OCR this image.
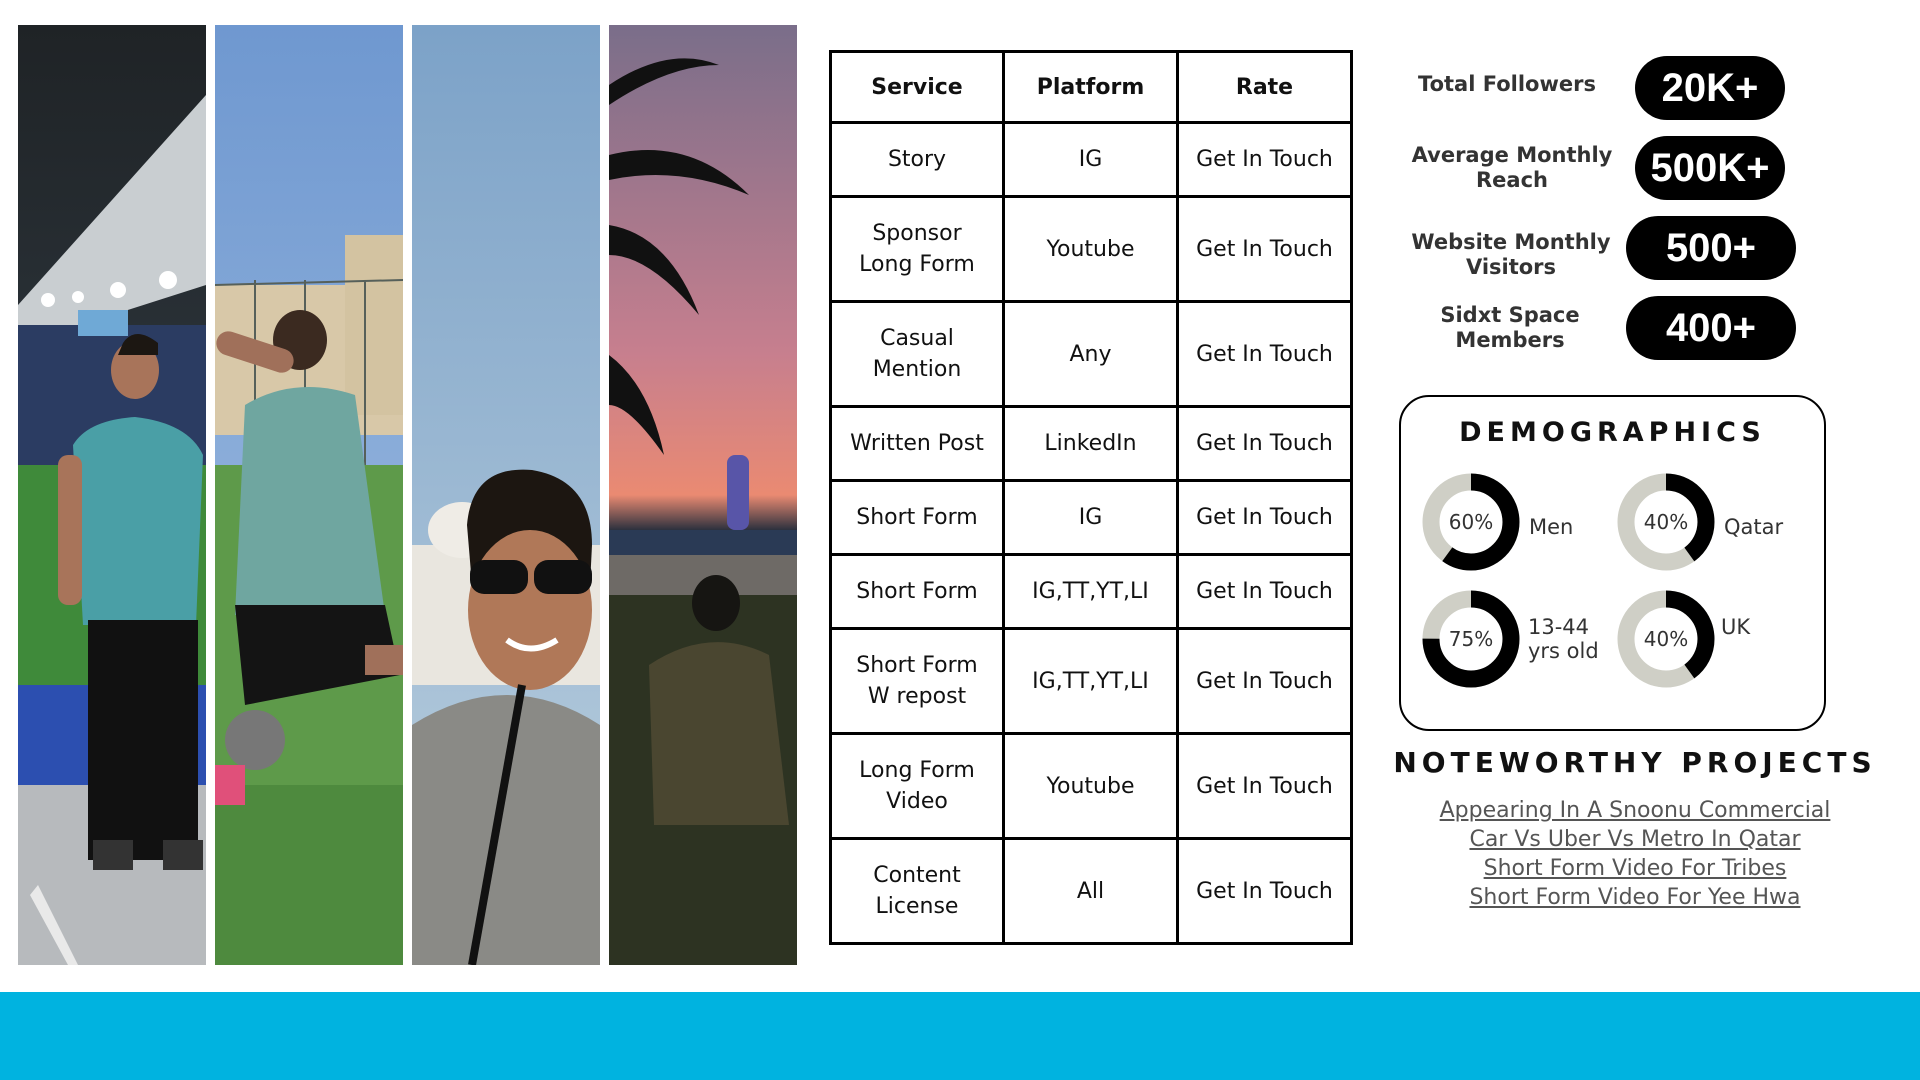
Service	Platform	Rate
Story	IG	Get In Touch
Sponsor
Long Form	Youtube	Get In Touch
Casual
Mention	Any	Get In Touch
Written Post	LinkedIn	Get In Touch
Short Form	IG	Get In Touch
Short Form	IG,TT,YT,LI	Get In Touch
Short Form
W repost	IG,TT,YT,LI	Get In Touch
Long Form
Video	Youtube	Get In Touch
Content
License	All	Get In Touch
Total Followers	20K+
Average Monthly
Reach	500K+
Website Monthly
Visitors	500+
Sidxt Space
Members	400+
DEMOGRAPHICS
60%	Men	40%	Qatar
75%	13-44
yrs old	40%	UK
NOTEWORTHY PROJECTS
Appearing In A Snoonu Commercial
Car Vs Uber Vs Metro In Qatar
Short Form Video For Tribes
Short Form Video For Yee Hwa
